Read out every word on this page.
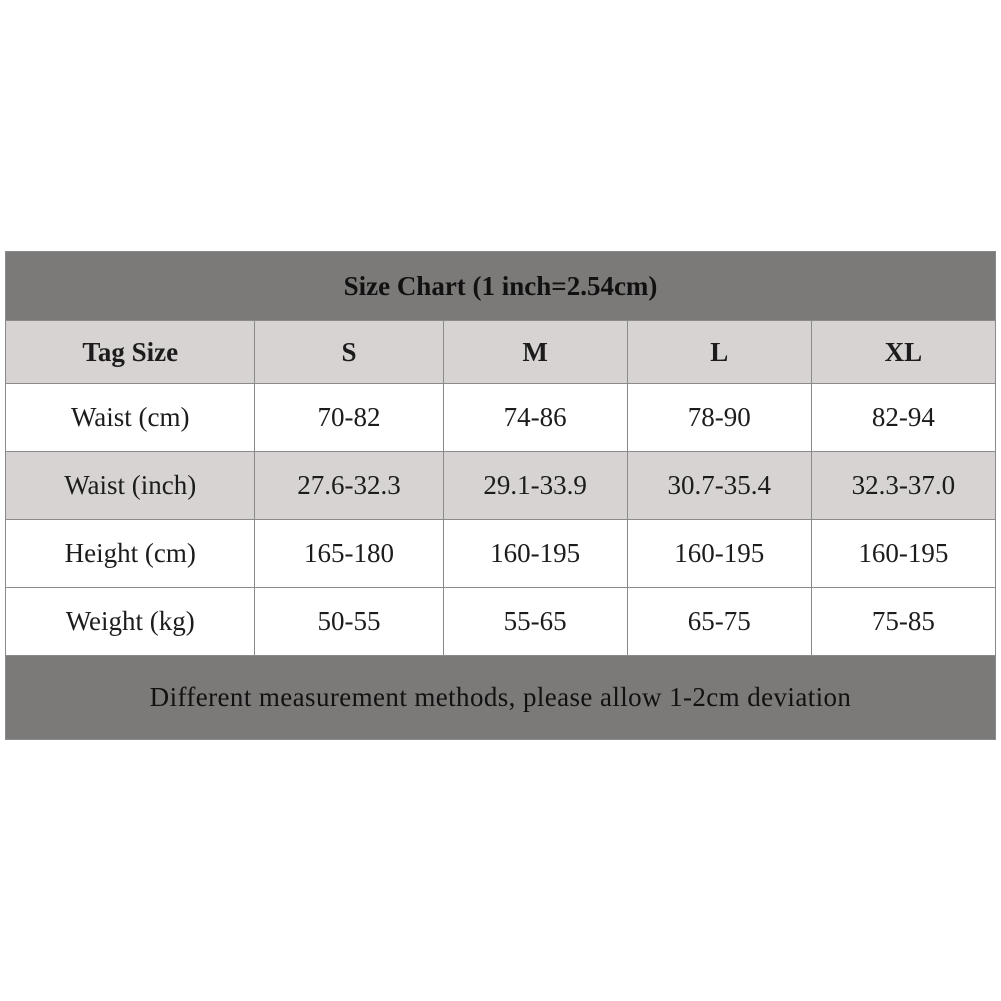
Size Chart (1 inch=2.54cm)				
Tag Size	S	M	L	XL
Waist (cm)	70-82	74-86	78-90	82-94
Waist (inch)	27.6-32.3	29.1-33.9	30.7-35.4	32.3-37.0
Height (cm)	165-180	160-195	160-195	160-195
Weight (kg)	50-55	55-65	65-75	75-85
Different measurement methods, please allow 1-2cm deviation				
